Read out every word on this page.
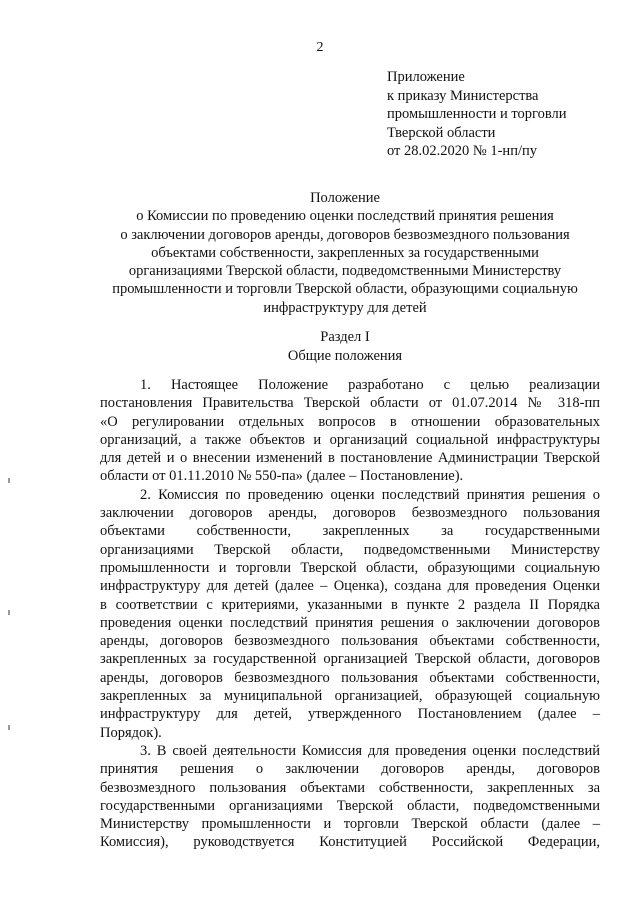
2
Приложение
к приказу Министерства
промышленности и торговли
Тверской области
от 28.02.2020 № 1-нп/пу
Положение
о Комиссии по проведению оценки последствий принятия решения
о заключении договоров аренды, договоров безвозмездного пользования
объектами собственности, закрепленных за государственными
организациями Тверской области, подведомственными Министерству
промышленности и торговли Тверской области, образующими социальную
инфраструктуру для детей
Раздел I
Общие положения
1. Настоящее Положение разработано с целью реализации
постановления Правительства Тверской области от 01.07.2014 № 318-пп
«О регулировании отдельных вопросов в отношении образовательных
организаций, а также объектов и организаций социальной инфраструктуры
для детей и о внесении изменений в постановление Администрации Тверской
области от 01.11.2010 № 550-па» (далее – Постановление).
2. Комиссия по проведению оценки последствий принятия решения о
заключении договоров аренды, договоров безвозмездного пользования
объектами собственности, закрепленных за государственными
организациями Тверской области, подведомственными Министерству
промышленности и торговли Тверской области, образующими социальную
инфраструктуру для детей (далее – Оценка), создана для проведения Оценки
в соответствии с критериями, указанными в пункте 2 раздела II Порядка
проведения оценки последствий принятия решения о заключении договоров
аренды, договоров безвозмездного пользования объектами собственности,
закрепленных за государственной организацией Тверской области, договоров
аренды, договоров безвозмездного пользования объектами собственности,
закрепленных за муниципальной организацией, образующей социальную
инфраструктуру для детей, утвержденного Постановлением (далее –
Порядок).
3. В своей деятельности Комиссия для проведения оценки последствий
принятия решения о заключении договоров аренды, договоров
безвозмездного пользования объектами собственности, закрепленных за
государственными организациями Тверской области, подведомственными
Министерству промышленности и торговли Тверской области (далее –
Комиссия), руководствуется Конституцией Российской Федерации,
